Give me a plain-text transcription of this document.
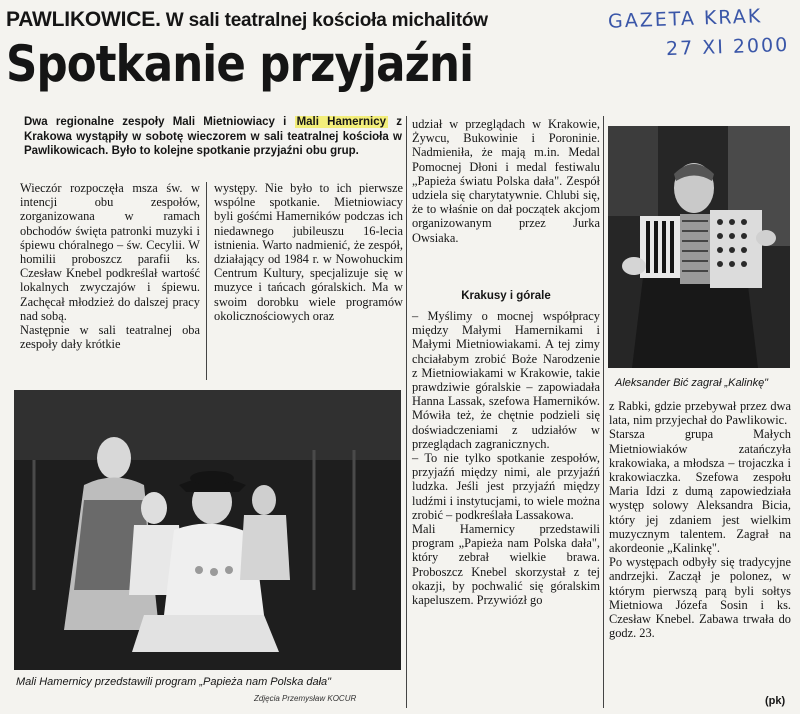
GAZETA KRAK
27 XI 2000
PAWLIKOWICE. W sali teatralnej kościoła michalitów
Spotkanie przyjaźni
Dwa regionalne zespoły Mali Mietniowiacy i Mali Hamernicy z Krakowa wystąpiły w sobotę wieczorem w sali teatralnej kościoła w Pawlikowicach. Było to kolejne spotkanie przyjaźni obu grup.
Wieczór rozpoczęła msza św. w intencji obu zespołów, zorganizowana w ramach obchodów święta patronki muzyki i śpiewu chóralnego – św. Cecylii. W homilii proboszcz parafii ks. Czesław Knebel podkreślał wartość lokalnych zwyczajów i śpiewu. Zachęcał młodzież do dalszej pracy nad sobą.
Następnie w sali teatralnej oba zespoły dały krótkie
występy. Nie było to ich pierwsze wspólne spotkanie. Mietniowiacy byli gośćmi Hamerników podczas ich niedawnego jubileuszu 16-lecia istnienia. Warto nadmienić, że zespół, działający od 1984 r. w Nowohuckim Centrum Kultury, specjalizuje się w muzyce i tańcach góralskich. Ma w swoim dorobku wiele programów okolicznościowych oraz
udział w przeglądach w Krakowie, Żywcu, Bukowinie i Poroninie. Nadmieniła, że mają m.in. Medal Pomocnej Dłoni i medal festiwalu „Papieża światu Polska dała". Zespół udziela się charytatywnie. Chlubi się, że to właśnie on dał początek akcjom organizowanym przez Jurka Owsiaka.
Krakusy i górale
– Myślimy o mocnej współpracy między Małymi Hamernikami i Małymi Mietniowiakami. A tej zimy chciałabym zrobić Boże Narodzenie z Mietniowiakami w Krakowie, takie prawdziwie góralskie – zapowiadała Hanna Lassak, szefowa Hamerników. Mówiła też, że chętnie podzieli się doświadczeniami z udziałów w przeglądach zagranicznych.
– To nie tylko spotkanie zespołów, przyjaźń między nimi, ale przyjaźń ludzka. Jeśli jest przyjaźń między ludźmi i instytucjami, to wiele można zrobić – podkreślała Lassakowa.
Mali Hamernicy przedstawili program „Papieża nam Polska dała", który zebrał wielkie brawa. Proboszcz Knebel skorzystał z tej okazji, by pochwalić się góralskim kapeluszem. Przywiózł go
z Rabki, gdzie przebywał przez dwa lata, nim przyjechał do Pawlikowic.
Starsza grupa Małych Mietniowiaków zatańczyła krakowiaka, a młodsza – trojaczka i krakowiaczka. Szefowa zespołu Maria Idzi z dumą zapowiedziała występ solowy Aleksandra Bicia, który jej zdaniem jest wielkim muzycznym talentem. Zagrał na akordeonie „Kalinkę".
Po występach odbyły się tradycyjne andrzejki. Zaczął je polonez, w którym pierwszą parą byli sołtys Mietniowa Józefa Sosin i ks. Czesław Knebel. Zabawa trwała do godz. 23.
(pk)
Aleksander Bić zagrał „Kalinkę"
Mali Hamernicy przedstawili program „Papieża nam Polska dała"
Zdjęcia Przemysław KOCUR
